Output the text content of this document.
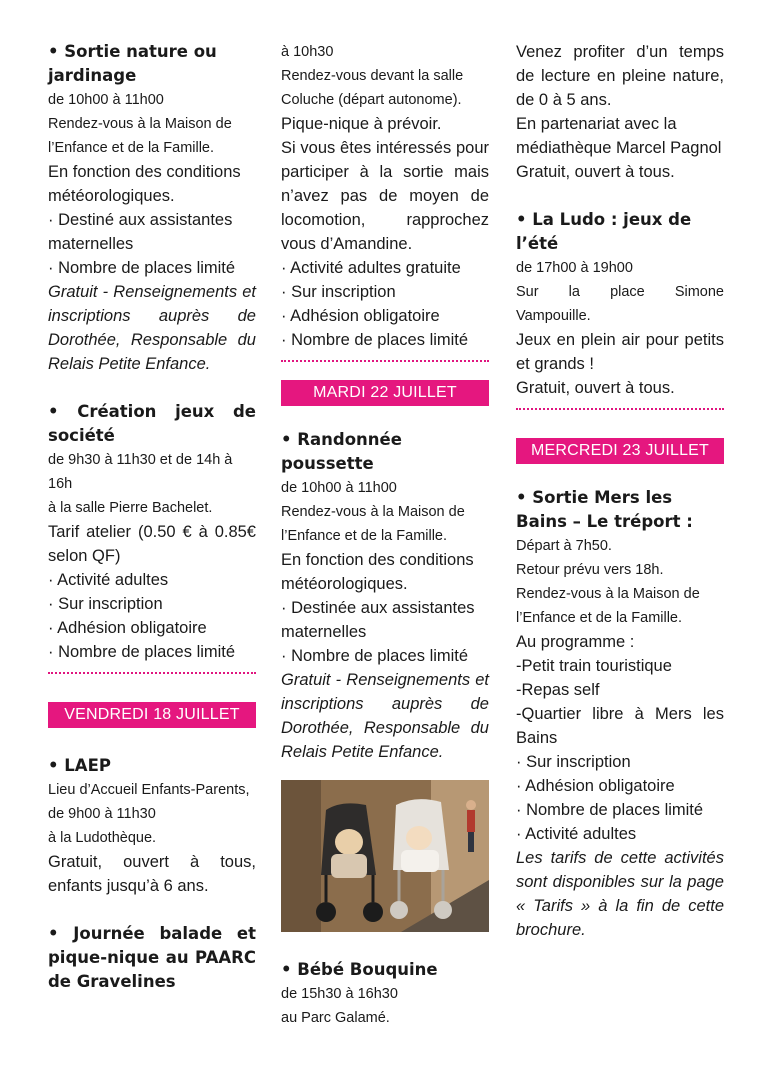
• Sortie nature ou jardinage

de 10h00 à 11h00

Rendez-vous à la Maison de l’Enfance et de la Famille.

En fonction des conditions météorologiques.

· Destiné aux assistantes maternelles

· Nombre de places limité

Gratuit - Renseignements et inscriptions auprès de Dorothée, Responsable du Relais Petite Enfance.

• Création jeux de société

de 9h30 à 11h30 et de 14h à 16h

à la salle Pierre Bachelet.

Tarif atelier (0.50 € à 0.85€ selon QF)

· Activité adultes

· Sur inscription

· Adhésion obligatoire

· Nombre de places limité

VENDREDI 18 JUILLET

• LAEP

Lieu d’Accueil Enfants-Parents,

de 9h00 à 11h30

à la Ludothèque.

Gratuit, ouvert à tous, enfants jusqu’à 6 ans.

• Journée balade et pique-nique au PAARC de Gravelines

à 10h30

Rendez-vous devant la salle Coluche (départ autonome).

Pique-nique à prévoir.

Si vous êtes intéressés pour participer à la sortie mais n’avez pas de moyen de locomotion, rapprochez vous d’Amandine.

· Activité adultes gratuite

· Sur inscription

· Adhésion obligatoire

· Nombre de places limité

MARDI 22 JUILLET

• Randonnée poussette

de 10h00 à 11h00

Rendez-vous à la Maison de l’Enfance et de la Famille.

En fonction des conditions météorologiques.

· Destinée aux assistantes maternelles

· Nombre de places limité

Gratuit - Renseignements et inscriptions auprès de Dorothée, Responsable du Relais Petite Enfance.

• Bébé Bouquine

de 15h30 à 16h30

au Parc Galamé.

Venez profiter d’un temps de lecture en pleine nature, de 0 à 5 ans.

En partenariat avec la médiathèque Marcel Pagnol

Gratuit, ouvert à tous.

• La Ludo : jeux de l’été

de 17h00 à 19h00

Sur la place Simone Vampouille.

Jeux en plein air pour petits et grands !

Gratuit, ouvert à tous.

MERCREDI 23 JUILLET

• Sortie Mers les Bains – Le tréport :

Départ à 7h50.

Retour prévu vers 18h.

Rendez-vous à la Maison de l’Enfance et de la Famille.

Au programme :

-Petit train touristique

-Repas self

-Quartier libre à Mers les Bains

· Sur inscription

· Adhésion obligatoire

· Nombre de places limité

· Activité adultes

Les tarifs de cette activités sont disponibles sur la page « Tarifs » à la fin de cette brochure.
